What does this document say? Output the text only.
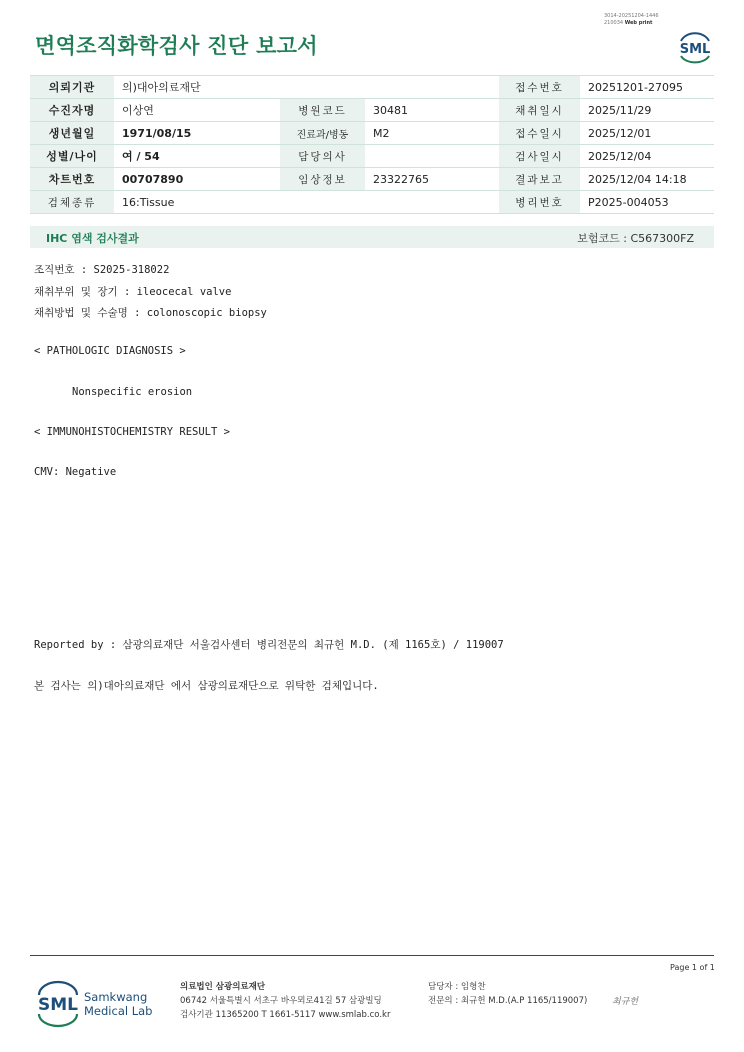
3014-20251204-1446
210034 Web print
면역조직화학검사 진단 보고서	SML
의뢰기관	의)대아의료재단			접수번호	20251201-27095
수진자명	이상연	병원코드	30481	채취일시	2025/11/29
생년월일	1971/08/15	진료과/병동	M2	접수일시	2025/12/01
성별/나이	여 / 54	담당의사		검사일시	2025/12/04
차트번호	00707890	임상정보	23322765	결과보고	2025/12/04 14:18
검체종류	16:Tissue			병리번호	P2025-004053
IHC 염색 검사결과	보험코드 : C567300FZ
조직번호 : S2025-318022
채취부위 및 장기 : ileocecal valve
채취방법 및 수술명 : colonoscopic biopsy
< PATHOLOGIC DIAGNOSIS >
Nonspecific erosion
< IMMUNOHISTOCHEMISTRY RESULT >
CMV: Negative
Reported by : 삼광의료재단 서울검사센터 병리전문의 최규헌 M.D. (제 1165호) / 119007
본 검사는 의)대아의료재단 에서 삼광의료재단으로 위탁한 검체입니다.
Page 1 of 1
SML Samkwang
Medical Lab
의료법인 삼광의료재단
06742 서울특별시 서초구 바우뫼로41길 57 삼광빌딩
검사기관 11365200 T 1661-5117 www.smlab.co.kr
담당자 : 임형찬
전문의 : 최규헌 M.D.(A.P 1165/119007)	최규헌
